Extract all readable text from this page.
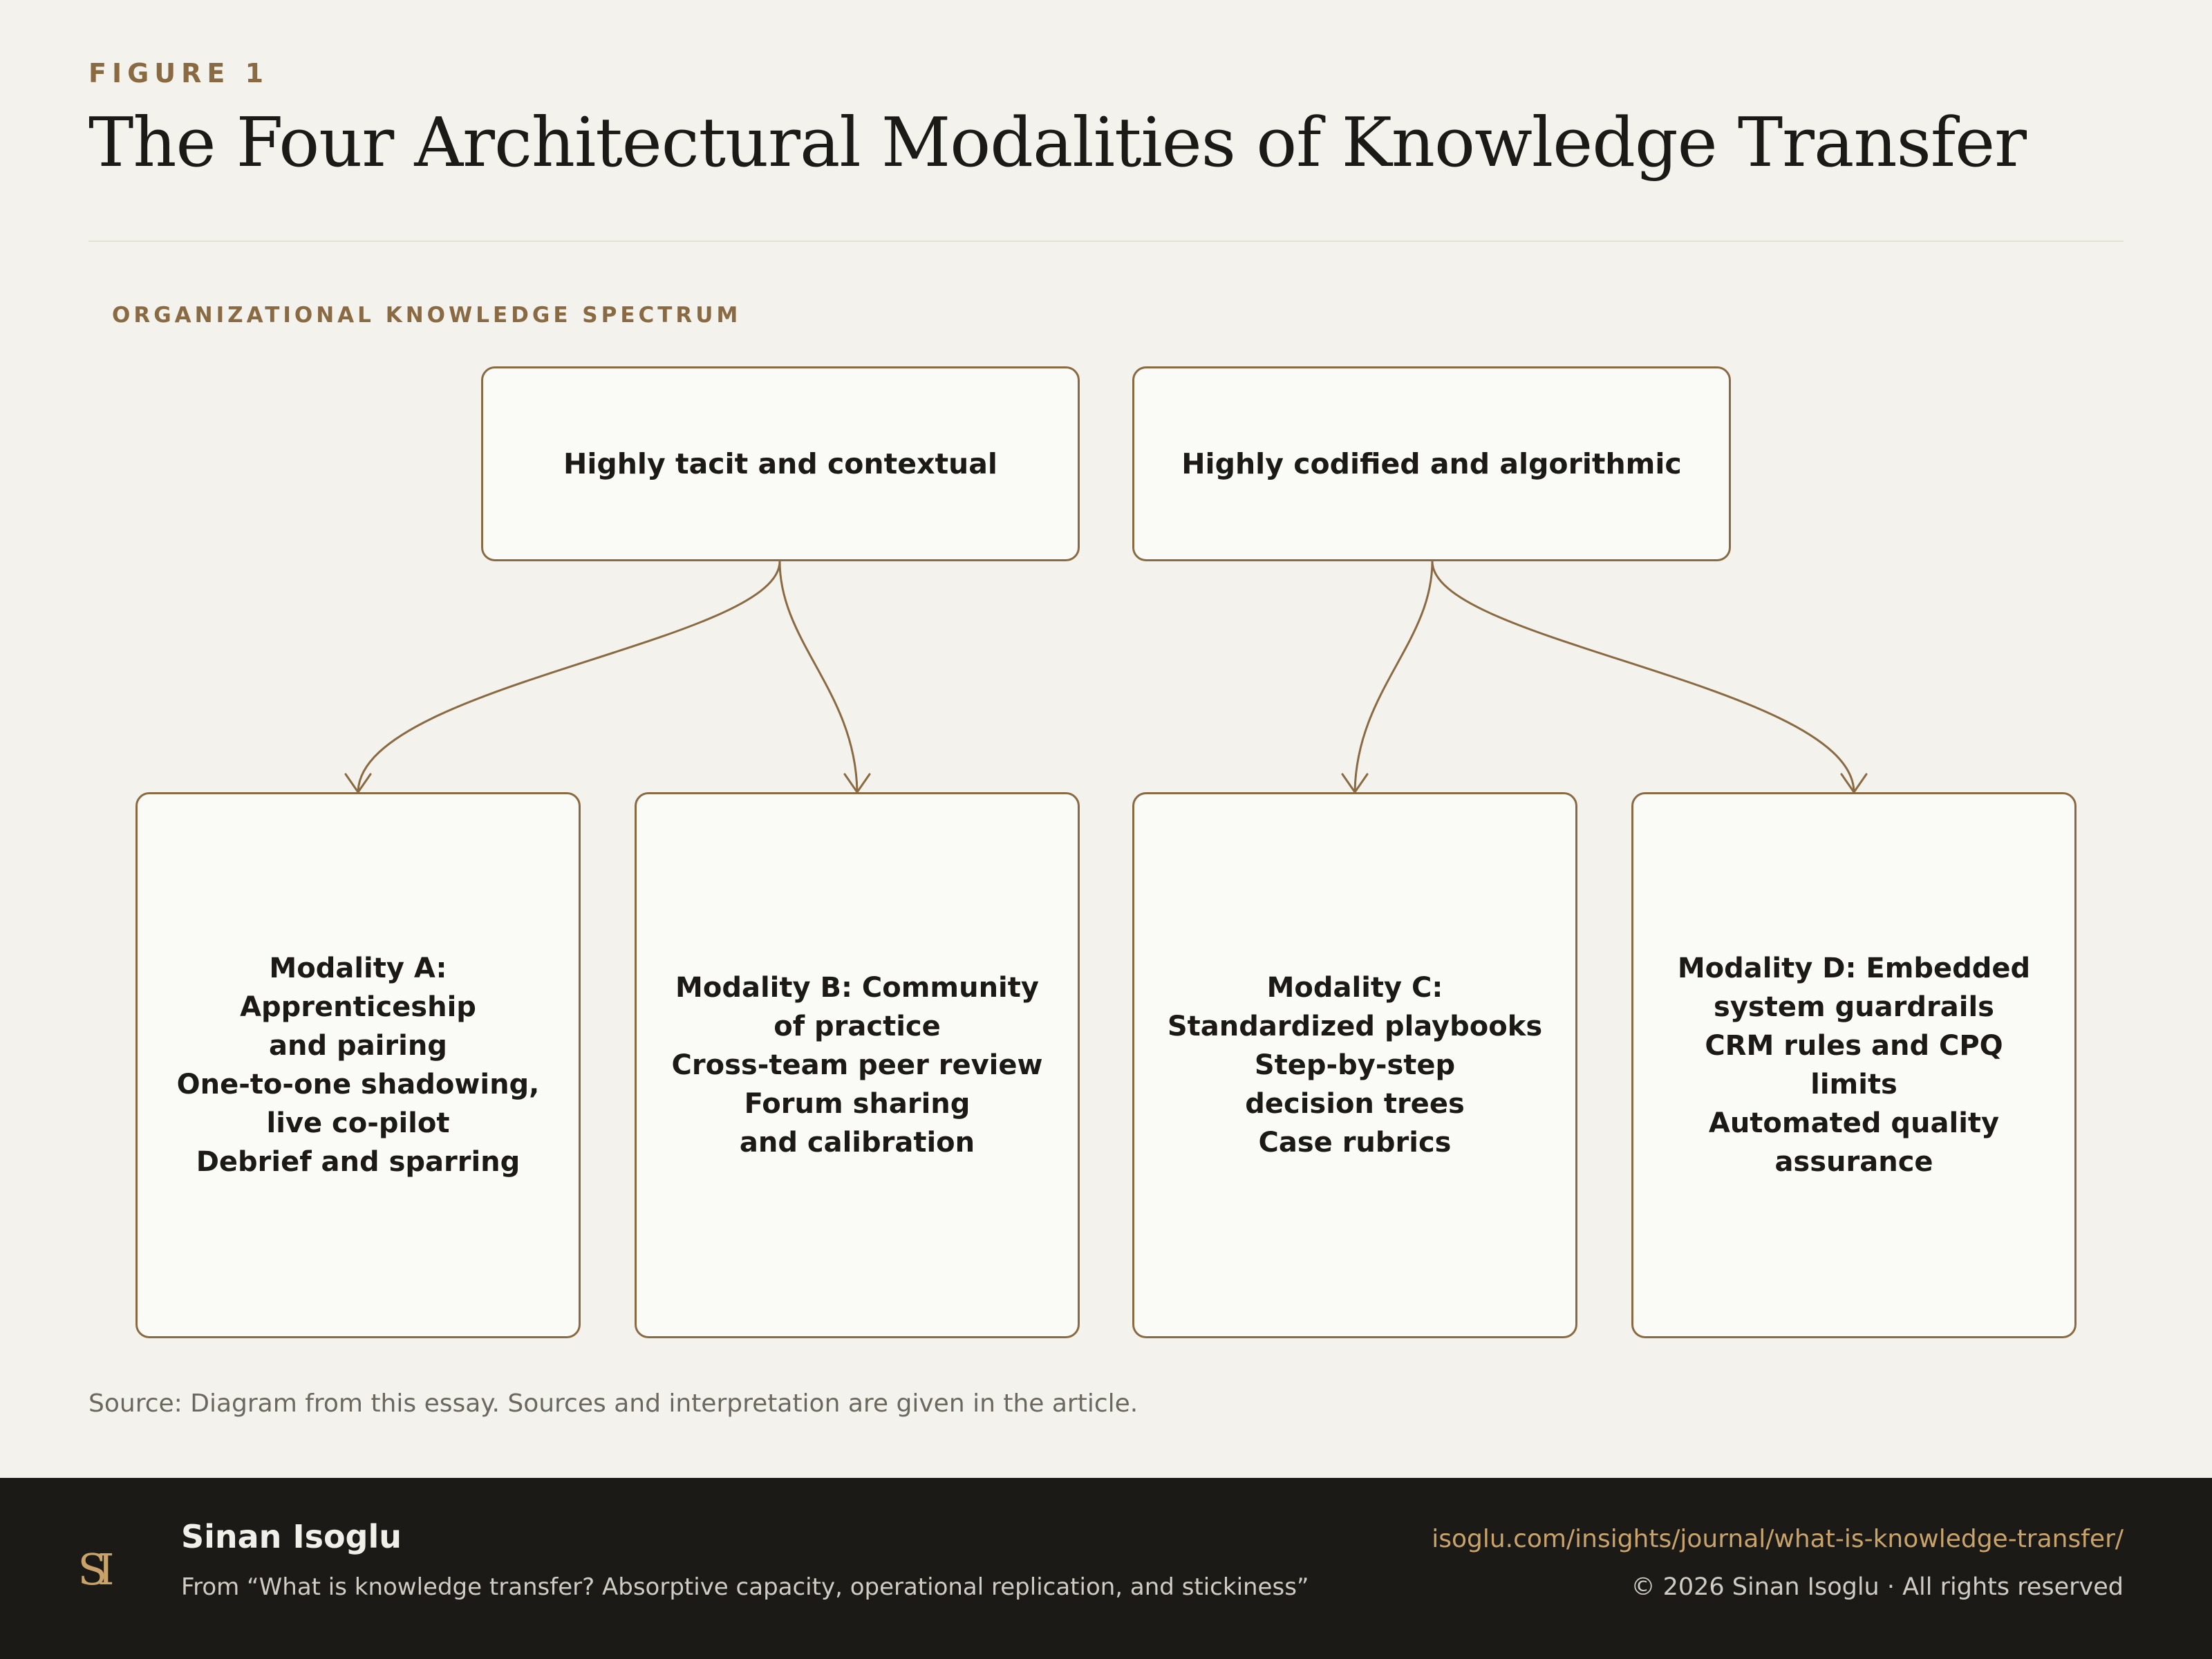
FIGURE 1
The Four Architectural Modalities of Knowledge Transfer
ORGANIZATIONAL KNOWLEDGE SPECTRUM
Highly tacit and contextual	Highly codified and algorithmic
Modality A:
Apprenticeship
and pairing
One-to-one shadowing,
live co-pilot
Debrief and sparring
Modality B: Community
of practice
Cross-team peer review
Forum sharing
and calibration
Modality C:
Standardized playbooks
Step-by-step
decision trees
Case rubrics
Modality D: Embedded
system guardrails
CRM rules and CPQ
limits
Automated quality
assurance
Source: Diagram from this essay. Sources and interpretation are given in the article.
SI
Sinan Isoglu
From “What is knowledge transfer? Absorptive capacity, operational replication, and stickiness”
isoglu.com/insights/journal/what-is-knowledge-transfer/
© 2026 Sinan Isoglu · All rights reserved
